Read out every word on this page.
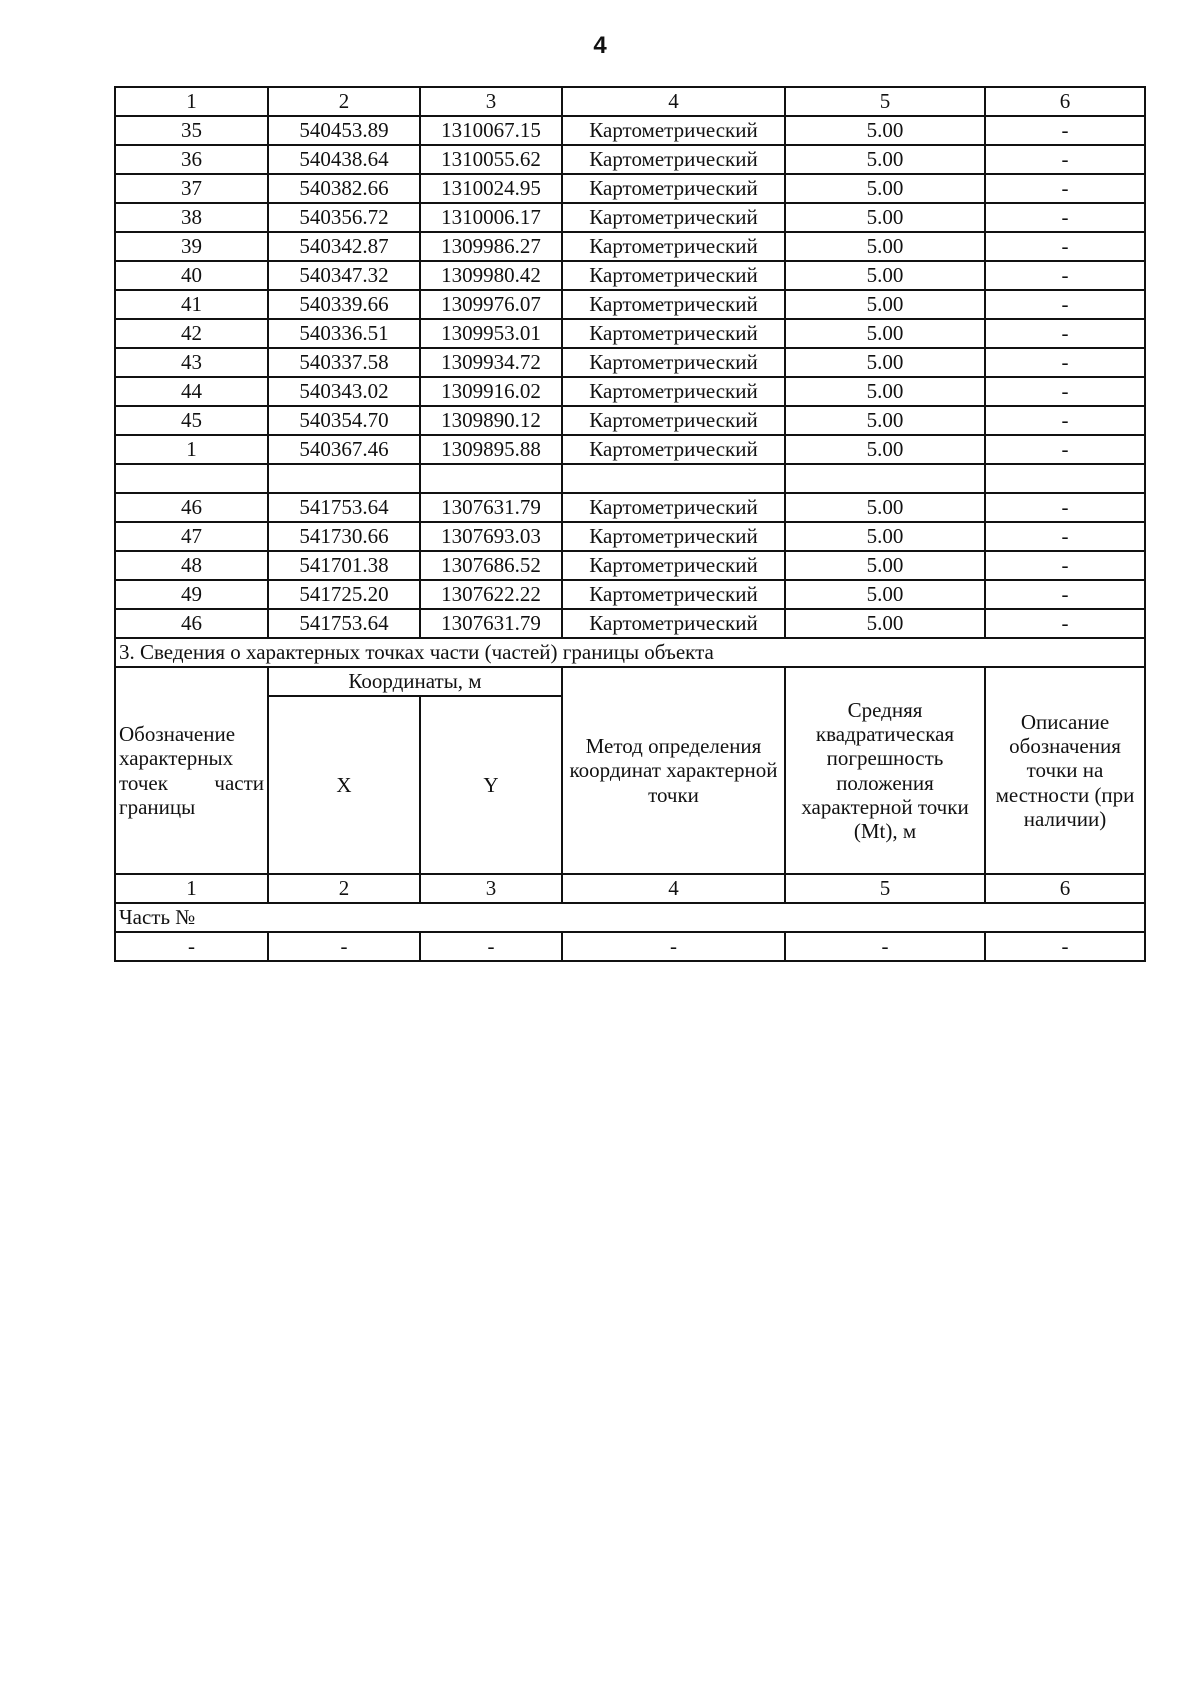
4
1	2	3	4	5	6
35	540453.89	1310067.15	Картометрический	5.00	-
36	540438.64	1310055.62	Картометрический	5.00	-
37	540382.66	1310024.95	Картометрический	5.00	-
38	540356.72	1310006.17	Картометрический	5.00	-
39	540342.87	1309986.27	Картометрический	5.00	-
40	540347.32	1309980.42	Картометрический	5.00	-
41	540339.66	1309976.07	Картометрический	5.00	-
42	540336.51	1309953.01	Картометрический	5.00	-
43	540337.58	1309934.72	Картометрический	5.00	-
44	540343.02	1309916.02	Картометрический	5.00	-
45	540354.70	1309890.12	Картометрический	5.00	-
1	540367.46	1309895.88	Картометрический	5.00	-

46	541753.64	1307631.79	Картометрический	5.00	-
47	541730.66	1307693.03	Картометрический	5.00	-
48	541701.38	1307686.52	Картометрический	5.00	-
49	541725.20	1307622.22	Картометрический	5.00	-
46	541753.64	1307631.79	Картометрический	5.00	-
3. Сведения о характерных точках части (частей) границы объекта					
Обозначение характерных точек части границы	Координаты, м		Метод определения координат характерной точки	Средняя квадратическая погрешность положения характерной точки (Mt), м	Описание обозначения точки на местности (при наличии)
	X	Y			
1	2	3	4	5	6
Часть №					
-	-	-	-	-	-
